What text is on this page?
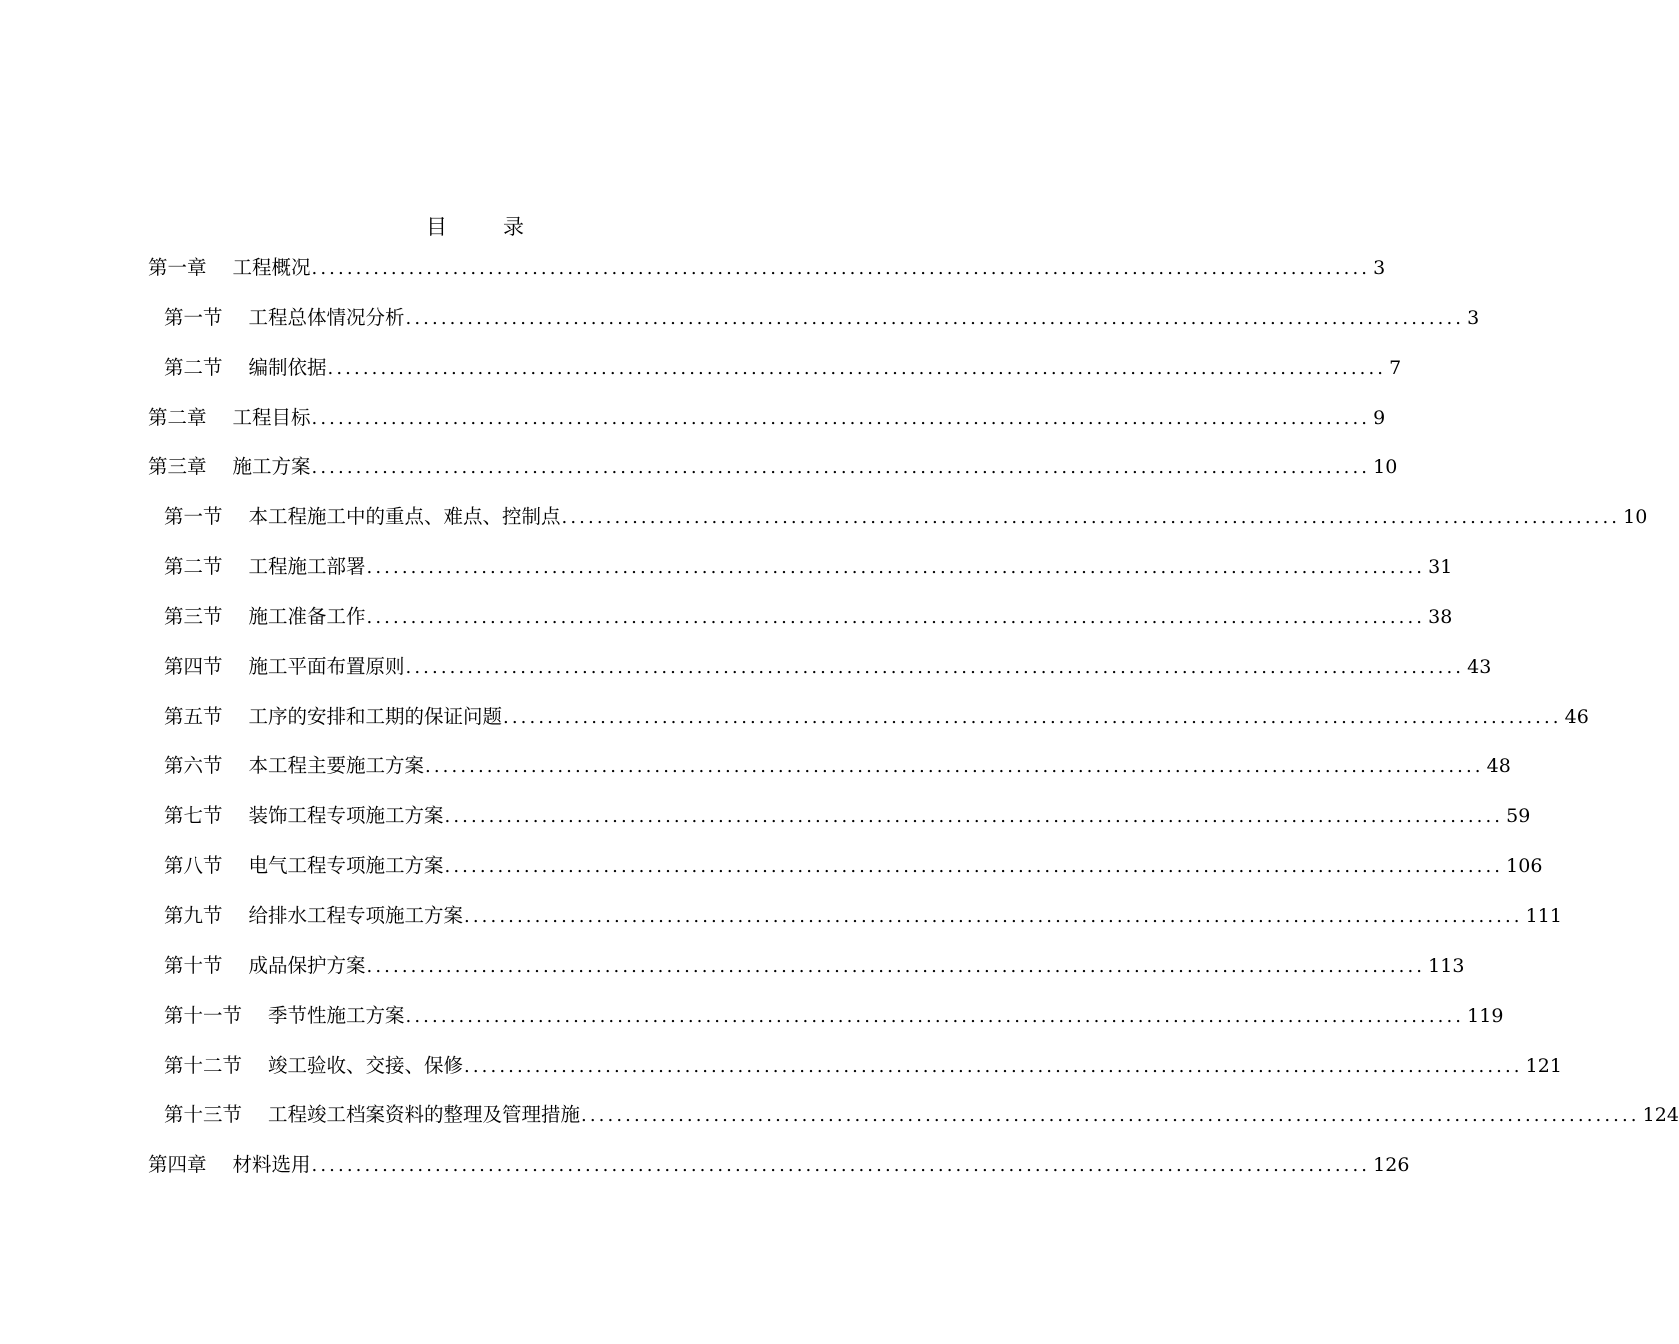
目	录
第一章 工程概况 ........................................................................................................................ 3
第一节 工程总体情况分析 ........................................................................................................................ 3
第二节 编制依据 ........................................................................................................................ 7
第二章 工程目标 ........................................................................................................................ 9
第三章 施工方案 ........................................................................................................................ 10
第一节 本工程施工中的重点、难点、控制点 ........................................................................................................................ 10
第二节 工程施工部署 ........................................................................................................................ 31
第三节 施工准备工作 ........................................................................................................................ 38
第四节 施工平面布置原则 ........................................................................................................................ 43
第五节 工序的安排和工期的保证问题 ........................................................................................................................ 46
第六节 本工程主要施工方案 ........................................................................................................................ 48
第七节 装饰工程专项施工方案 ........................................................................................................................ 59
第八节 电气工程专项施工方案 ........................................................................................................................ 106
第九节 给排水工程专项施工方案 ........................................................................................................................ 111
第十节 成品保护方案 ........................................................................................................................ 113
第十一节 季节性施工方案 ........................................................................................................................ 119
第十二节 竣工验收、交接、保修 ........................................................................................................................ 121
第十三节 工程竣工档案资料的整理及管理措施 ........................................................................................................................ 124
第四章 材料选用 ........................................................................................................................ 126
